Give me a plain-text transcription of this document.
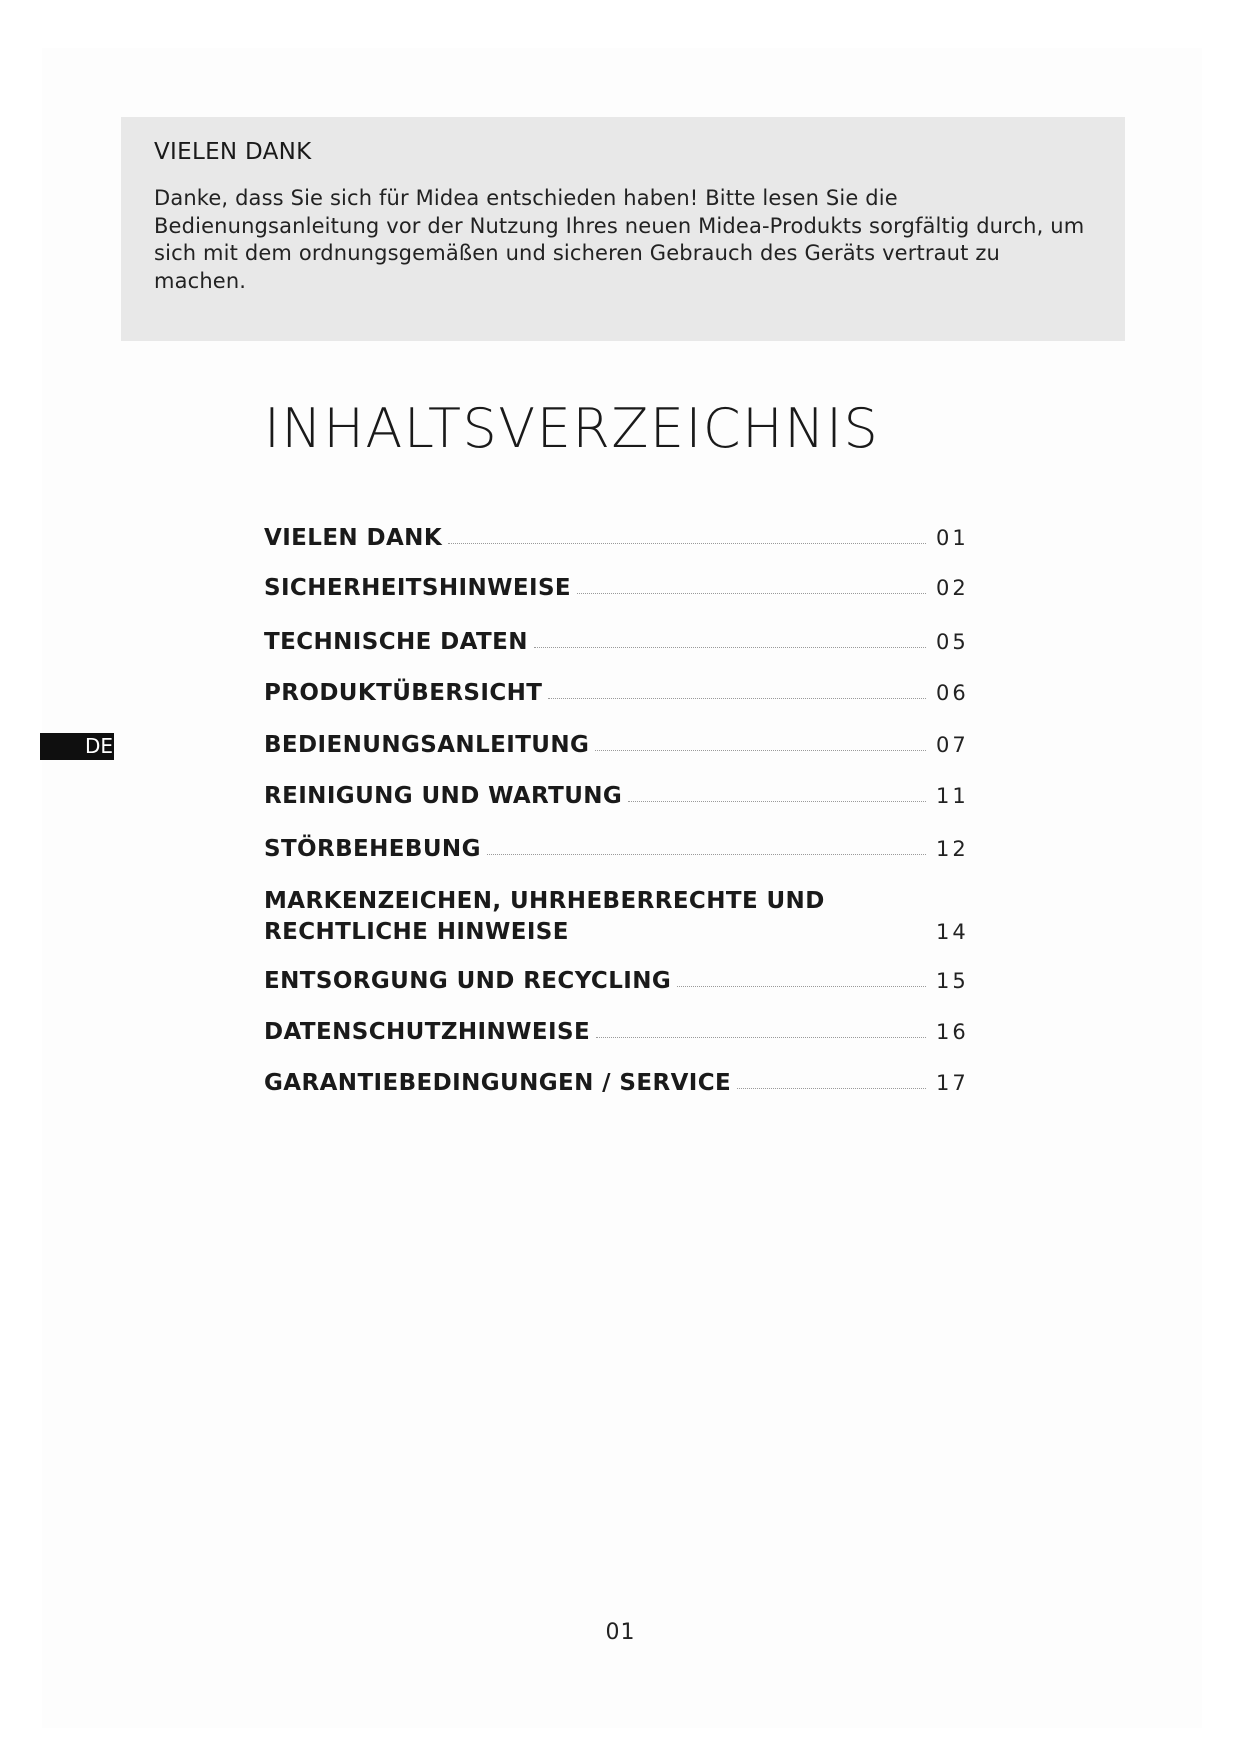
VIELEN DANK

Danke, dass Sie sich für Midea entschieden haben! Bitte lesen Sie die Bedienungsanleitung vor der Nutzung Ihres neuen Midea-Produkts sorgfältig durch, um sich mit dem ordnungsgemäßen und sicheren Gebrauch des Geräts vertraut zu machen.

INHALTSVERZEICHNIS
VIELEN DANK	01
SICHERHEITSHINWEISE	02
TECHNISCHE DATEN	05
PRODUKTÜBERSICHT	06
BEDIENUNGSANLEITUNG	07
REINIGUNG UND WARTUNG	11
STÖRBEHEBUNG	12
MARKENZEICHEN, UHRHEBERRECHTE UND RECHTLICHE HINWEISE	14
ENTSORGUNG UND RECYCLING	15
DATENSCHUTZHINWEISE	16
GARANTIEBEDINGUNGEN / SERVICE	17
DE
01
